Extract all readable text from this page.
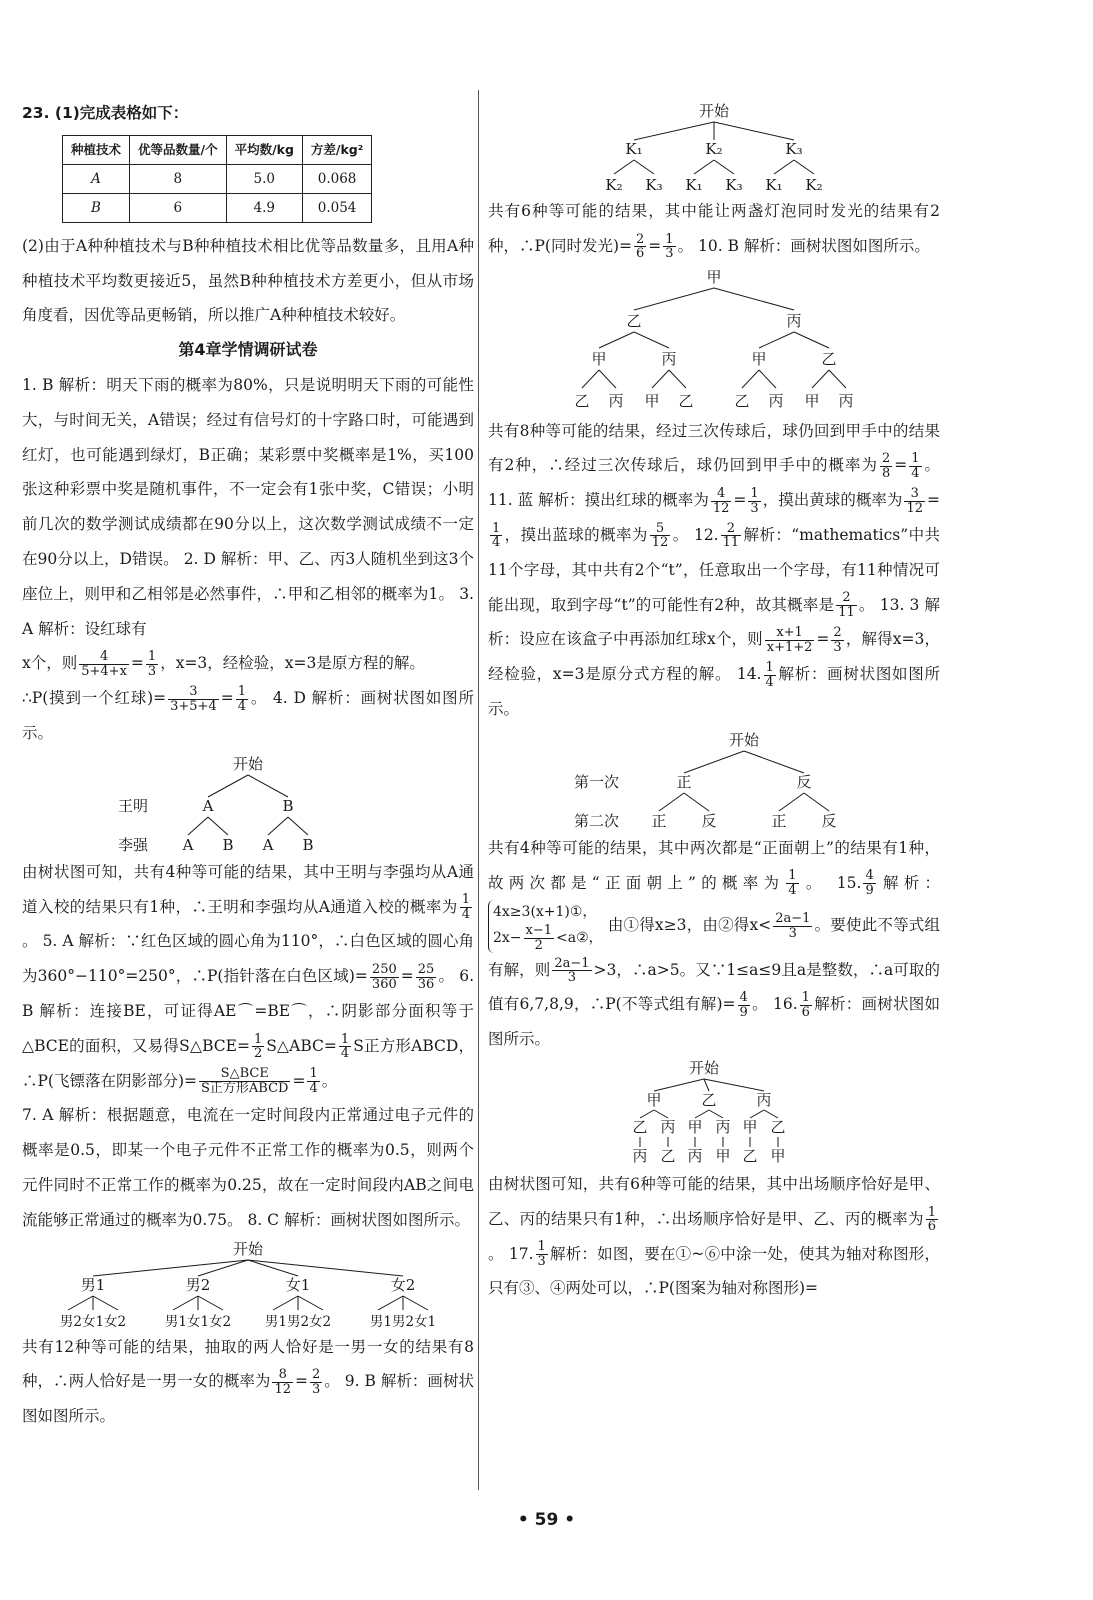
23. (1)完成表格如下：

种植技术	优等品数量/个	平均数/kg	方差/kg²
A	8	5.0	0.068
B	6	4.9	0.054

(2)由于A种种植技术与B种种植技术相比优等品数量多，且用A种种植技术平均数更接近5，虽然B种种植技术方差更小，但从市场角度看，因优等品更畅销，所以推广A种种植技术较好。

第4章学情调研试卷

1. B 解析：明天下雨的概率为80%，只是说明明天下雨的可能性大，与时间无关，A错误；经过有信号灯的十字路口时，可能遇到红灯，也可能遇到绿灯，B正确；某彩票中奖概率是1%，买100张这种彩票中奖是随机事件，不一定会有1张中奖，C错误；小明前几次的数学测试成绩都在90分以上，这次数学测试成绩不一定在90分以上，D错误。 2. D 解析：甲、乙、丙3人随机坐到这3个座位上，则甲和乙相邻是必然事件，∴甲和乙相邻的概率为1。 3. A 解析：设红球有

x个，则 $\frac{4}{5+4+x} = \frac{1}{3}$ ，x=3，经检验，x=3是原方程的解。

∴P(摸到一个红球)= $\frac{3}{3+5+4} = \frac{1}{4}$ 。 4. D 解析：画树状图如图所示。

开始
王明	A	B
李强 A B A B

由树状图可知，共有4种等可能的结果，其中王明与李强均从A通道入校的结果只有1种，∴王明和李强均从A通道入校的概率为 $\frac{1}{4}$
。 5. A 解析：∵红色区域的圆心角为110°，∴白色区域的圆心角为360°−110°=250°，∴P(指针落在白色区域)= $\frac{250}{360} = \frac{25}{36}$ 。 6. B 解析：连接BE，可证得AE⌒=BE⌒，∴阴影部分面积等于△BCE的面积，又易得S△BCE= $\frac{1}{2}$ S△ABC= $\frac{1}{4}$ S正方形ABCD，∴P(飞镖落在阴影部分)= $\frac{\text{S△BCE}}{\text{S正方形ABCD}} = \frac{1}{4}$ 。

7. A 解析：根据题意，电流在一定时间段内正常通过电子元件的概率是0.5，即某一个电子元件不正常工作的概率为0.5，则两个元件同时不正常工作的概率为0.25，故在一定时间段内AB之间电流能够正常通过的概率为0.75。 8. C 解析：画树状图如图所示。

开始
男1	男2	女1	女2
男2女1女2	男1女1女2 男1男2女2	男1男2女1

共有12种等可能的结果，抽取的两人恰好是一男一女的结果有8种，∴两人恰好是一男一女的概率为 $\frac{8}{12} = \frac{2}{3}$ 。 9. B 解析：画树状图如图所示。

开始
K₁	K₂	K₃
K₂ K₃ K₁ K₃ K₁ K₂

共有6种等可能的结果，其中能让两盏灯泡同时发光的结果有2种，∴P(同时发光)= $\frac{2}{6} = \frac{1}{3}$ 。 10. B 解析：画树状图如图所示。

甲
乙	丙
甲	丙	甲	乙
乙 丙 甲 乙	乙 丙 甲 丙

共有8种等可能的结果，经过三次传球后，球仍回到甲手中的结果有2种，∴经过三次传球后，球仍回到甲手中的概率为 $\frac{2}{8} = \frac{1}{4}$ 。 11. 蓝 解析：摸出红球的概率为 $\frac{4}{12} = \frac{1}{3}$ ，摸出黄球的概率为 $\frac{3}{12}$ =
$\frac{1}{4}$ ，摸出蓝球的概率为 $\frac{5}{12}$ 。 12. $\frac{2}{11}$ 解析：“mathematics”中共11个字母，其中共有2个“t”，任意取出一个字母，有11种情况可能出现，取到字母“t”的可能性有2种，故其概率是 $\frac{2}{11}$ 。 13. 3 解析：设应在该盒子中再添加红球x个，则 $\frac{x+1}{x+1+2} = \frac{2}{3}$ ，解得x=3，经检验，x=3是原分式方程的解。 14. $\frac{1}{4}$ 解析：画树状图如图所示。

开始
第一次	正	反
第二次 正 反	正 反

共有4种等可能的结果，其中两次都是“正面朝上”的结果有1种，故两次都是“正面朝上”的概率为 $\frac{1}{4}$ 。 15. $\frac{4}{9}$ 解析：
4x≥3(x+1)①，
$2x- \frac{x-1}{2}$ <a②，
由①得x≥3，由②得$x< \frac{2a-1}{3}$ 。要使此不等式组有解，则 $\frac{2a-1}{3} >3$，∴a>5。又∵1≤a≤9且a是整数，∴a可取的值有6,7,8,9，∴P(不等式组有解)= $\frac{4}{9}$ 。 16. $\frac{1}{6}$ 解析：画树状图如图所示。

开始
甲	乙	丙
乙 丙 甲 丙 甲 乙
丙 乙 丙 甲 乙 甲

由树状图可知，共有6种等可能的结果，其中出场顺序恰好是甲、乙、丙的结果只有1种，∴出场顺序恰好是甲、乙、丙的概率为 $\frac{1}{6}$
。 17. $\frac{1}{3}$ 解析：如图，要在①~⑥中涂一处，使其为轴对称图形，只有③、④两处可以，∴P(图案为轴对称图形)=

• 59 •
